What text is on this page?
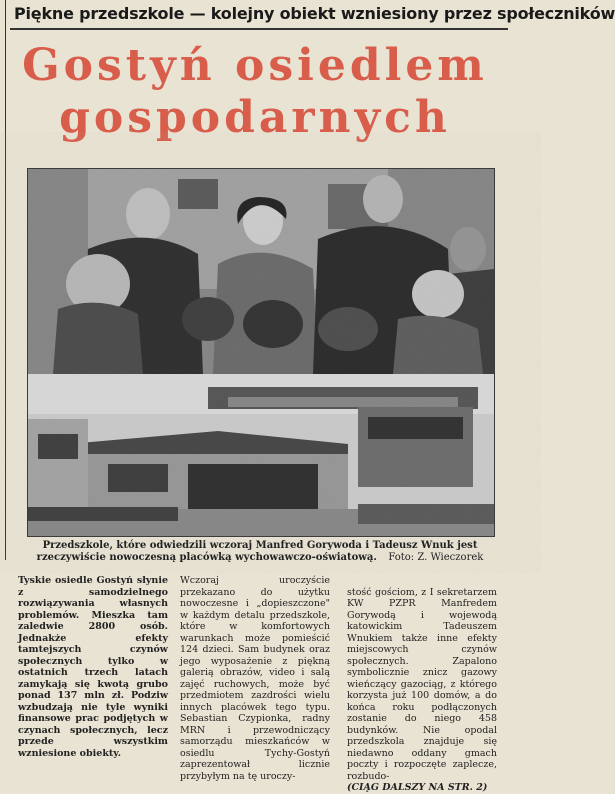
Piękne przedszkole — kolejny obiekt wzniesiony przez społeczników
Gostyń osiedlem
gospodarnych
Przedszkole, które odwiedzili wczoraj Manfred Gorywoda i Tadeusz Wnuk jest rzeczywiście nowoczesną placówką wychowawczo-oświatową. Foto: Z. Wieczorek
Tyskie osiedle Gostyń słynie z samodzielnego rozwiązywania własnych problemów. Mieszka tam zaledwie 2800 osób. Jednakże efekty tamtejszych czynów społecznych tylko w ostatnich trzech latach zamykają się kwotą grubo ponad 137 mln zł. Podziw wzbudzają nie tyle wyniki finansowe prac podjętych w czynach społecznych, lecz przede wszystkim wzniesione obiekty.
Wczoraj uroczyście przekazano do użytku nowoczesne i „dopieszczone" w każdym detalu przedszkole, które w komfortowych warunkach może pomieścić 124 dzieci. Sam budynek oraz jego wyposażenie z piękną galerią obrazów, video i salą zajęć ruchowych, może być przedmiotem zazdrości wielu innych placówek tego typu. Sebastian Czypionka, radny MRN i przewodniczący samorządu mieszkańców w osiedlu Tychy-Gostyń zaprezentował licznie przybyłym na tę uroczy-

stość gościom, z I sekretarzem KW PZPR Manfredem Gorywodą i wojewodą katowickim Tadeuszem Wnukiem także inne efekty miejscowych czynów społecznych. Zapalono symbolicznie znicz gazowy wieńczący gazociąg, z którego korzysta już 100 domów, a do końca roku podłączonych zostanie do niego 458 budynków. Nie opodal przedszkola znajduje się niedawno oddany gmach poczty i rozpoczęte zaplecze, rozbudo-
(CIĄG DALSZY NA STR. 2)
